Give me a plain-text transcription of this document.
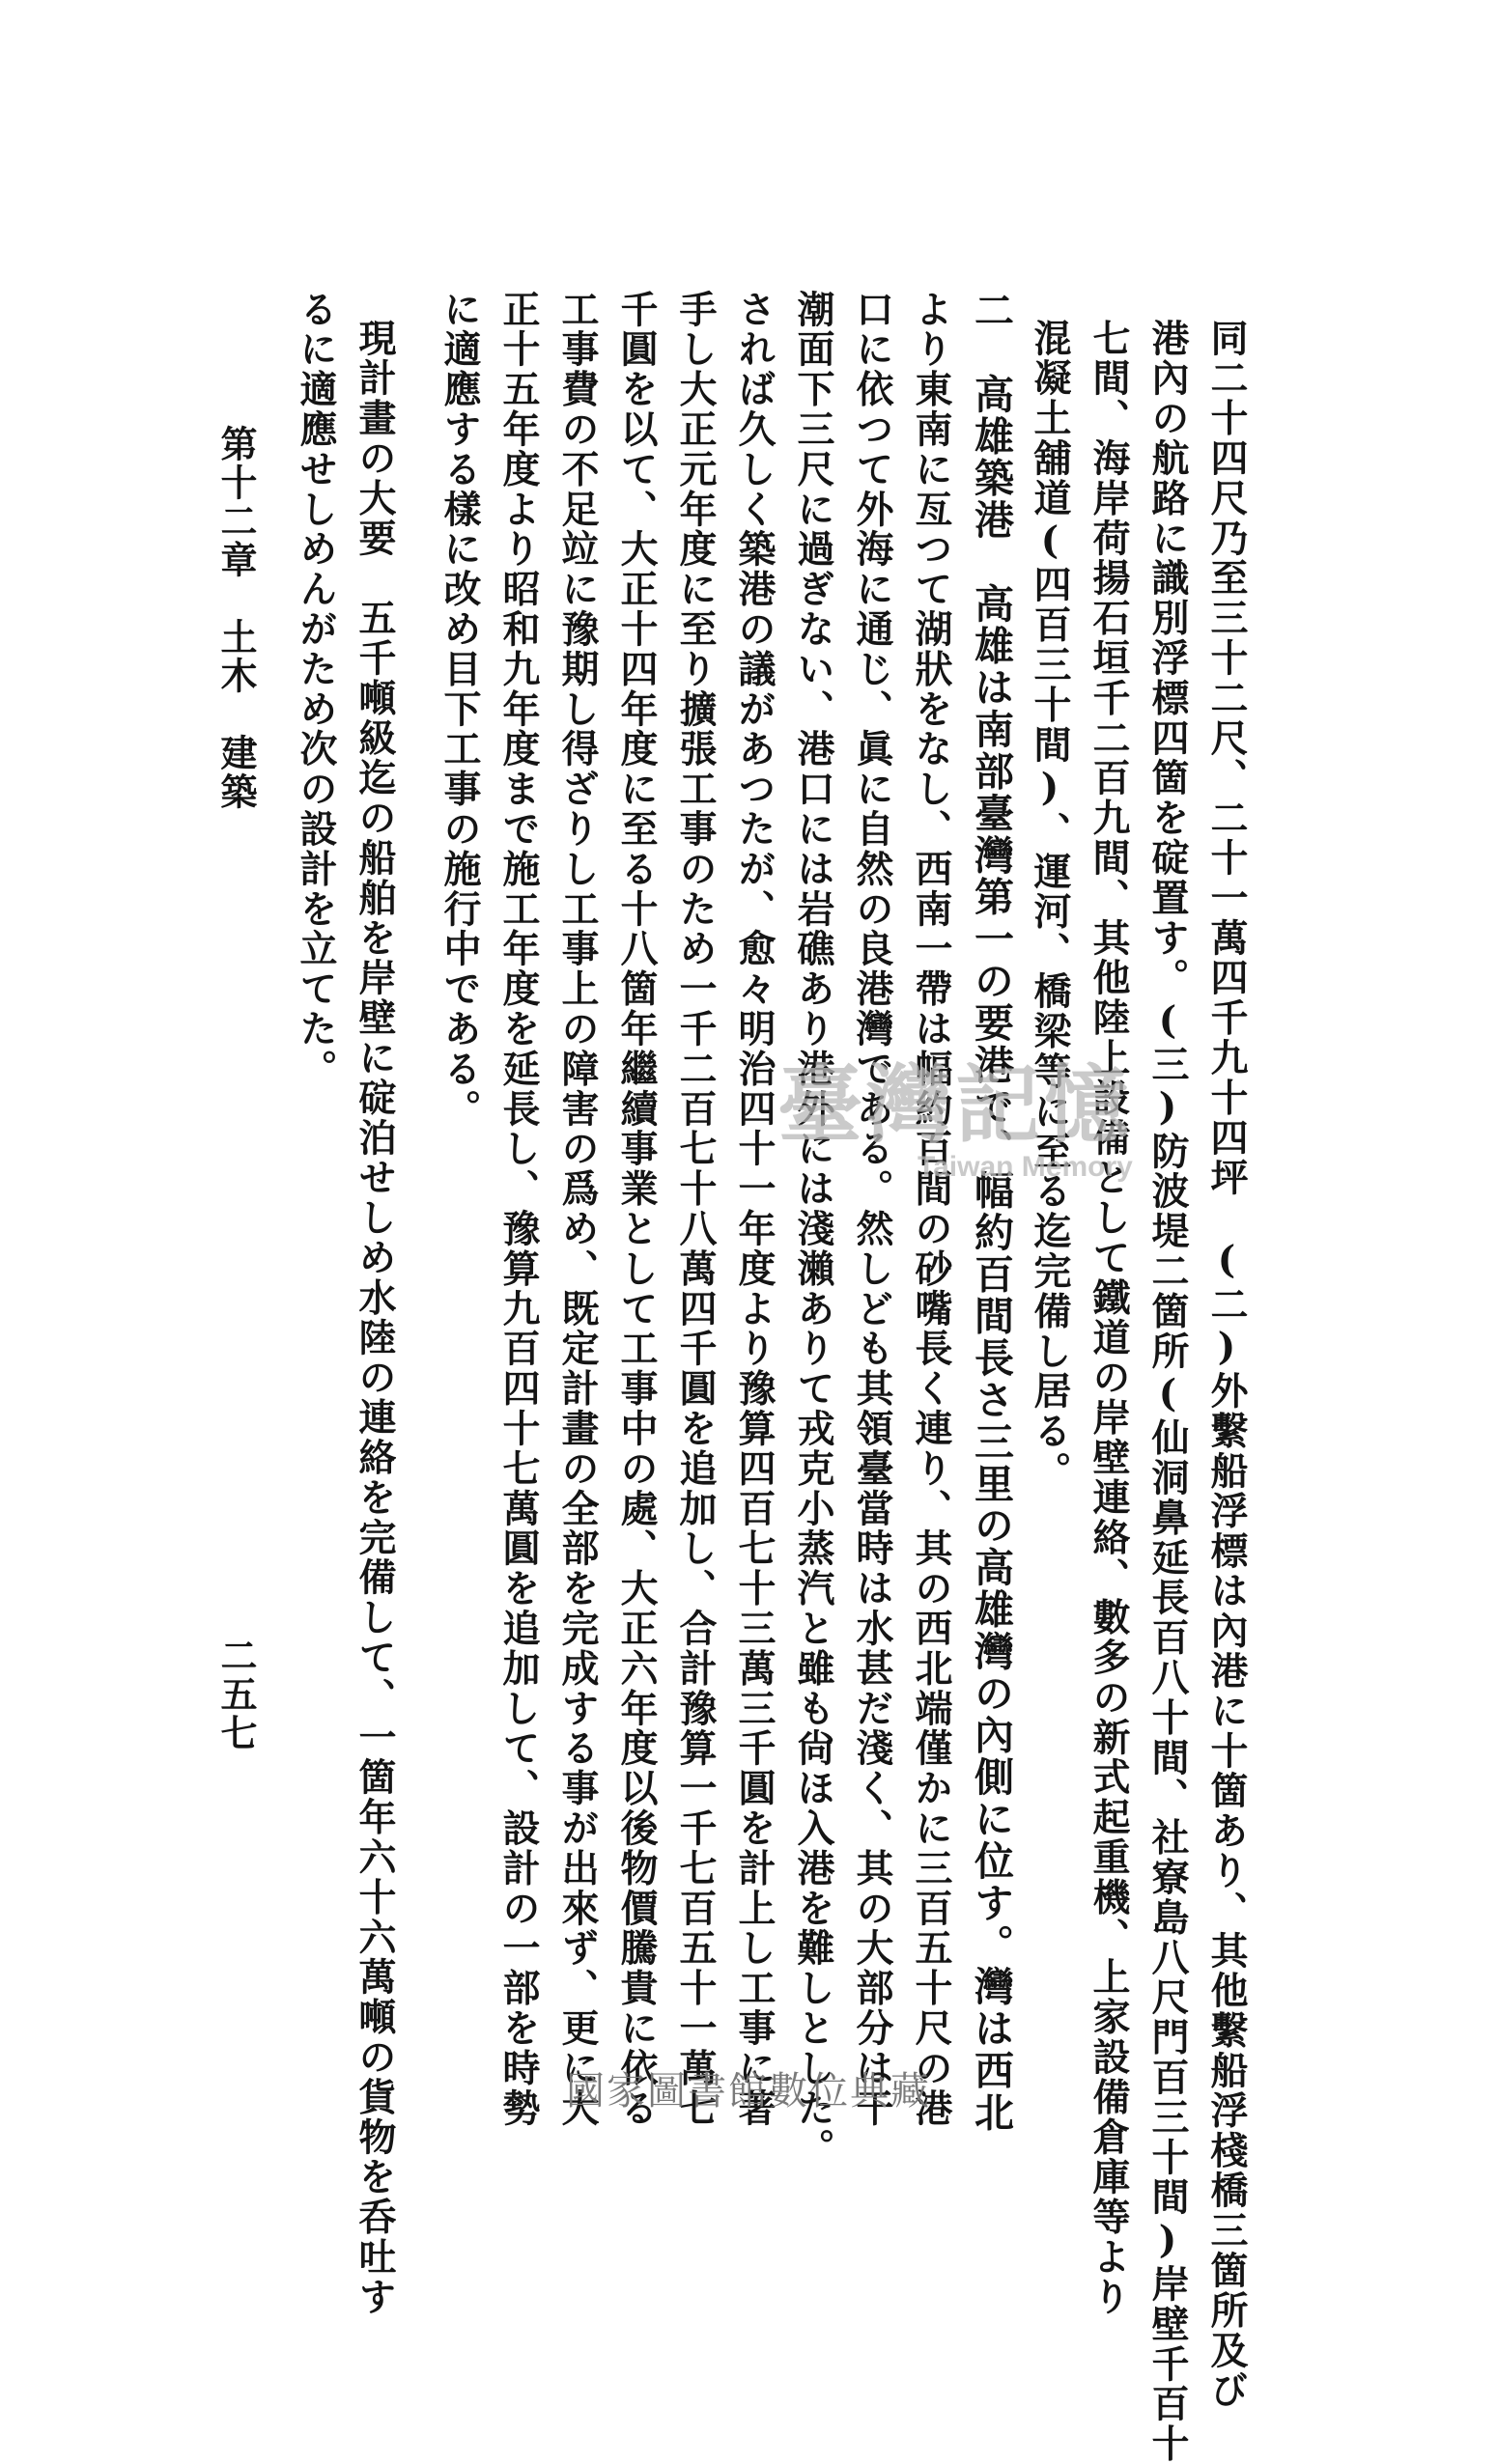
同二十四尺乃至三十二尺、二十一萬四千九十四坪　(二)外繫船浮標は內港に十箇あり、其他繫船浮棧橋三箇所及び
港內の航路に識別浮標四箇を碇置す。(三)防波堤二箇所(仙洞鼻延長百八十間、社寮島八尺門百三十間)岸壁千百十
七間、海岸荷揚石垣千二百九間、其他陸上設備として鐵道の岸壁連絡、數多の新式起重機、上家設備倉庫等より
混凝土舖道(四百三十間)、運河、橋梁等に至る迄完備し居る。
二　高雄築港　高雄は南部臺灣第一の要港で、幅約百間長さ三里の高雄灣の內側に位す。灣は西北
より東南に亙つて湖狀をなし、西南一帶は幅約百間の砂嘴長く連り、其の西北端僅かに三百五十尺の港
口に依つて外海に通じ、眞に自然の良港灣である。然しども其領臺當時は水甚だ淺く、其の大部分は干
潮面下三尺に過ぎない、港口には岩礁あり港外には淺瀨ありて戎克小蒸汽と雖も尙ほ入港を難しとした。
されば久しく築港の議があつたが、愈々明治四十一年度より豫算四百七十三萬三千圓を計上し工事に著
手し大正元年度に至り擴張工事のため一千二百七十八萬四千圓を追加し、合計豫算一千七百五十一萬七
千圓を以て、大正十四年度に至る十八箇年繼續事業として工事中の處、大正六年度以後物價騰貴に依る
工事費の不足竝に豫期し得ざりし工事上の障害の爲め、既定計畫の全部を完成する事が出來ず、更に大
正十五年度より昭和九年度まで施工年度を延長し、豫算九百四十七萬圓を追加して、設計の一部を時勢
に適應する樣に改め目下工事の施行中である。
現計畫の大要　五千噸級迄の船舶を岸壁に碇泊せしめ水陸の連絡を完備して、一箇年六十六萬噸の貨物を呑吐す
るに適應せしめんがため次の設計を立てた。
第十二章　土木　建築
二五七
臺灣記憶
Taiwan Memory
國家圖書館數位典藏
